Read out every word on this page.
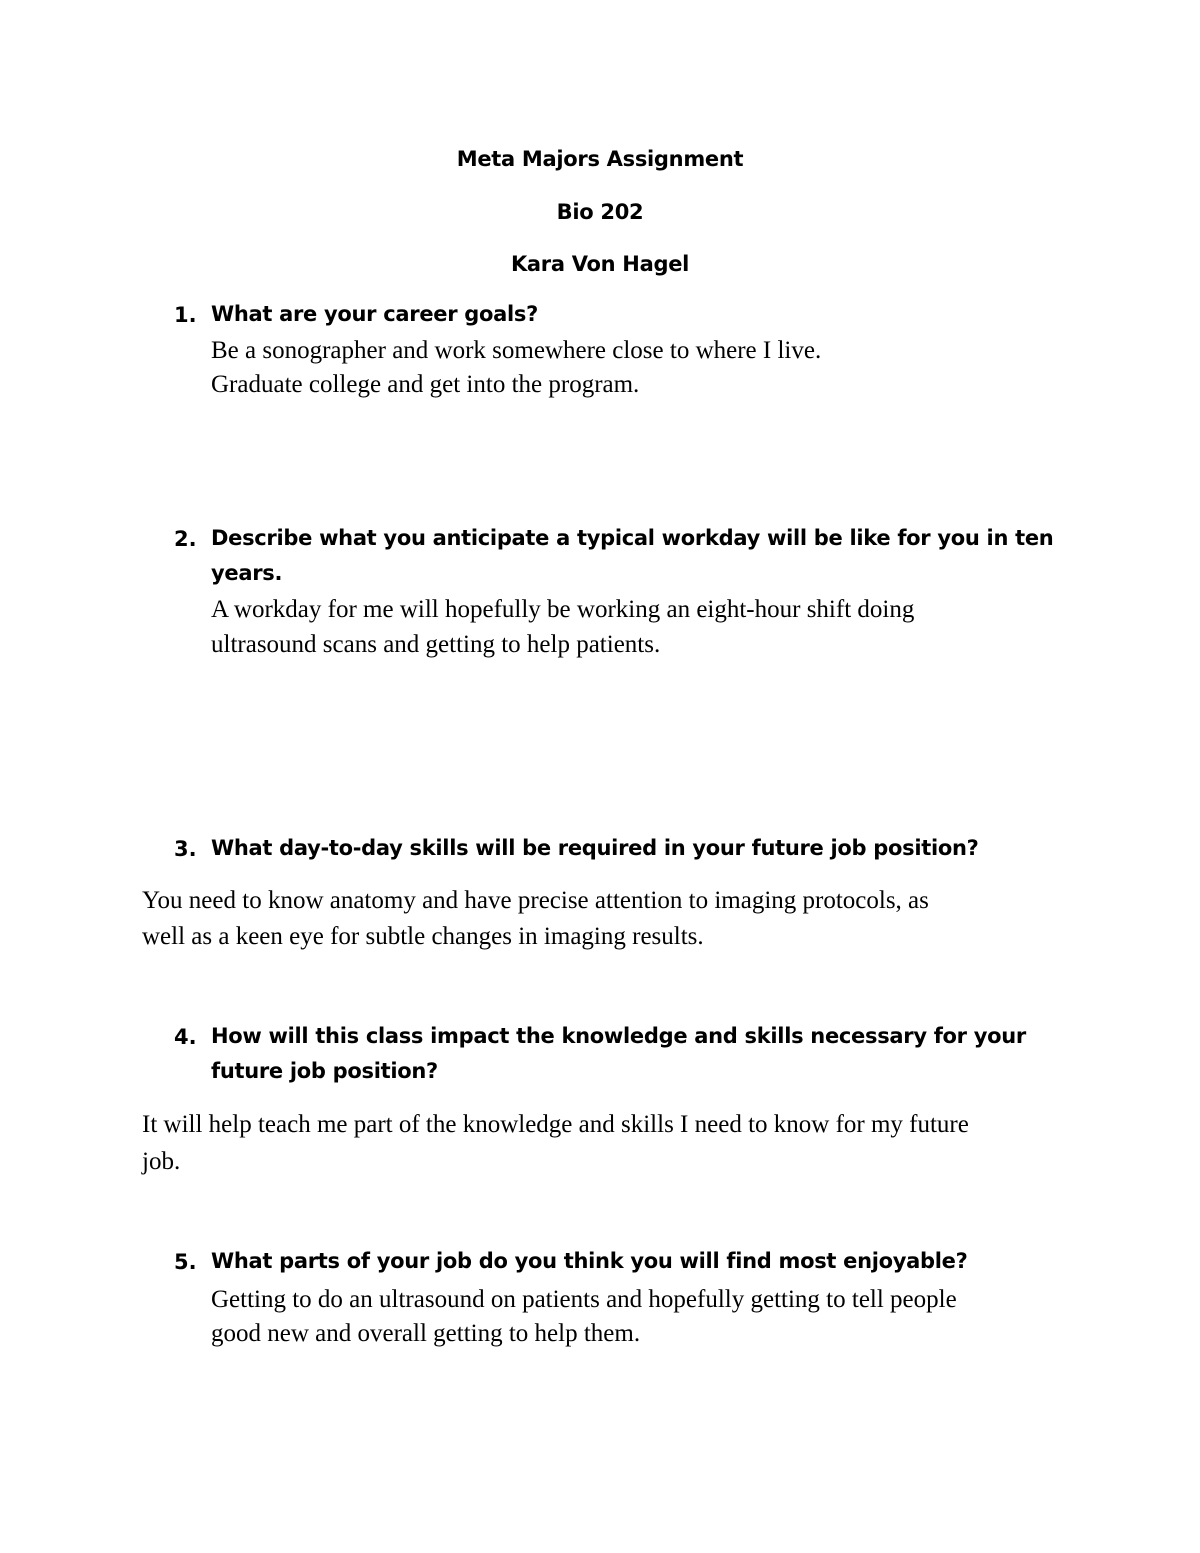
Meta Majors Assignment
Bio 202
Kara Von Hagel
1. What are your career goals?
Be a sonographer and work somewhere close to where I live.
Graduate college and get into the program.
2. Describe what you anticipate a typical workday will be like for you in ten years.
A workday for me will hopefully be working an eight-hour shift doing
ultrasound scans and getting to help patients.
3. What day-to-day skills will be required in your future job position?
You need to know anatomy and have precise attention to imaging protocols, as
well as a keen eye for subtle changes in imaging results.
4. How will this class impact the knowledge and skills necessary for your future job position?
It will help teach me part of the knowledge and skills I need to know for my future
job.
5. What parts of your job do you think you will find most enjoyable?
Getting to do an ultrasound on patients and hopefully getting to tell people
good new and overall getting to help them.
